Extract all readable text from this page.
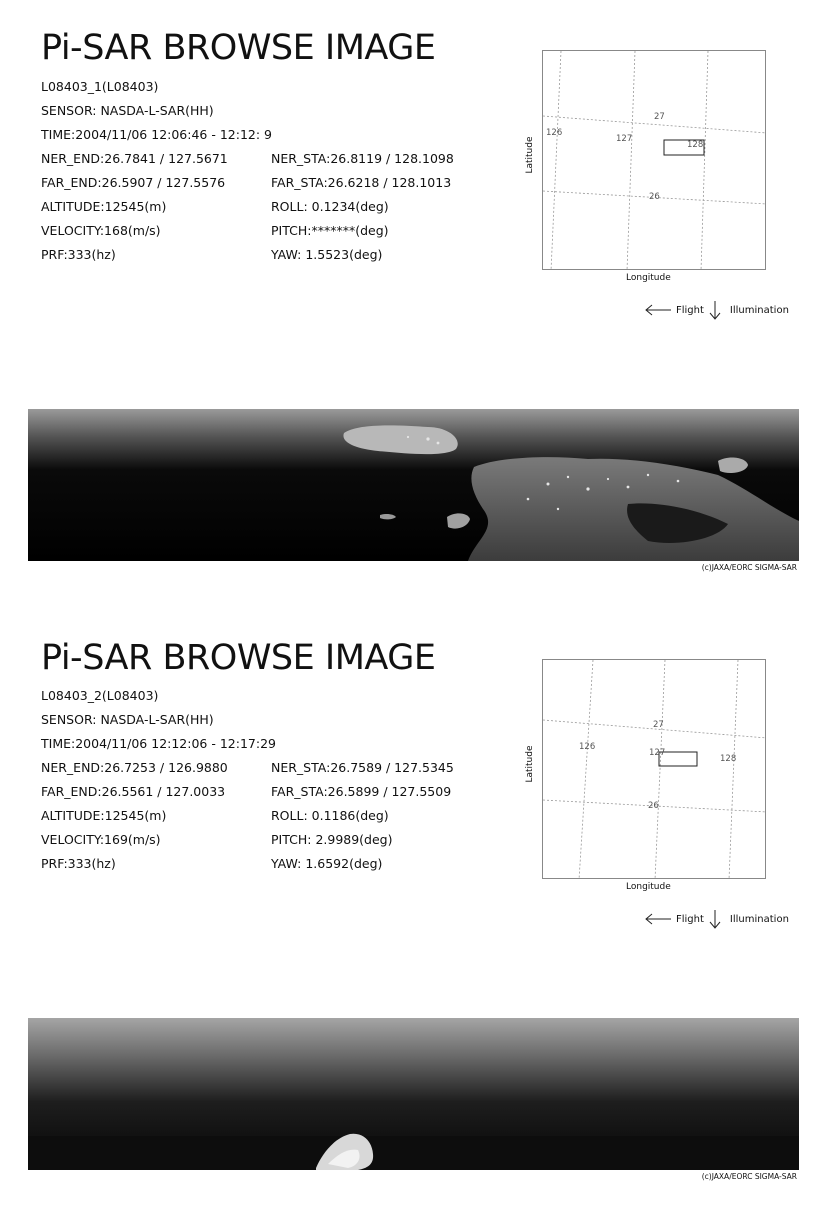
Pi-SAR BROWSE IMAGE
L08403_1(L08403)
SENSOR: NASDA-L-SAR(HH)
TIME:2004/11/06 12:06:46 - 12:12: 9
NER_END:26.7841 / 127.5671	NER_STA:26.8119 / 128.1098
FAR_END:26.5907 / 127.5576	FAR_STA:26.6218 / 128.1013
ALTITUDE:12545(m)	ROLL: 0.1234(deg)
VELOCITY:168(m/s)	PITCH:*******(deg)
PRF:333(hz)	YAW: 1.5523(deg)
27
26
126
127
128
Latitude
Longitude
Flight	Illumination
(c)JAXA/EORC SIGMA-SAR
Pi-SAR BROWSE IMAGE
L08403_2(L08403)
SENSOR: NASDA-L-SAR(HH)
TIME:2004/11/06 12:12:06 - 12:17:29
NER_END:26.7253 / 126.9880	NER_STA:26.7589 / 127.5345
FAR_END:26.5561 / 127.0033	FAR_STA:26.5899 / 127.5509
ALTITUDE:12545(m)	ROLL: 0.1186(deg)
VELOCITY:169(m/s)	PITCH: 2.9989(deg)
PRF:333(hz)	YAW: 1.6592(deg)
27
26
126
127
128
Latitude
Longitude
Flight	Illumination
(c)JAXA/EORC SIGMA-SAR
